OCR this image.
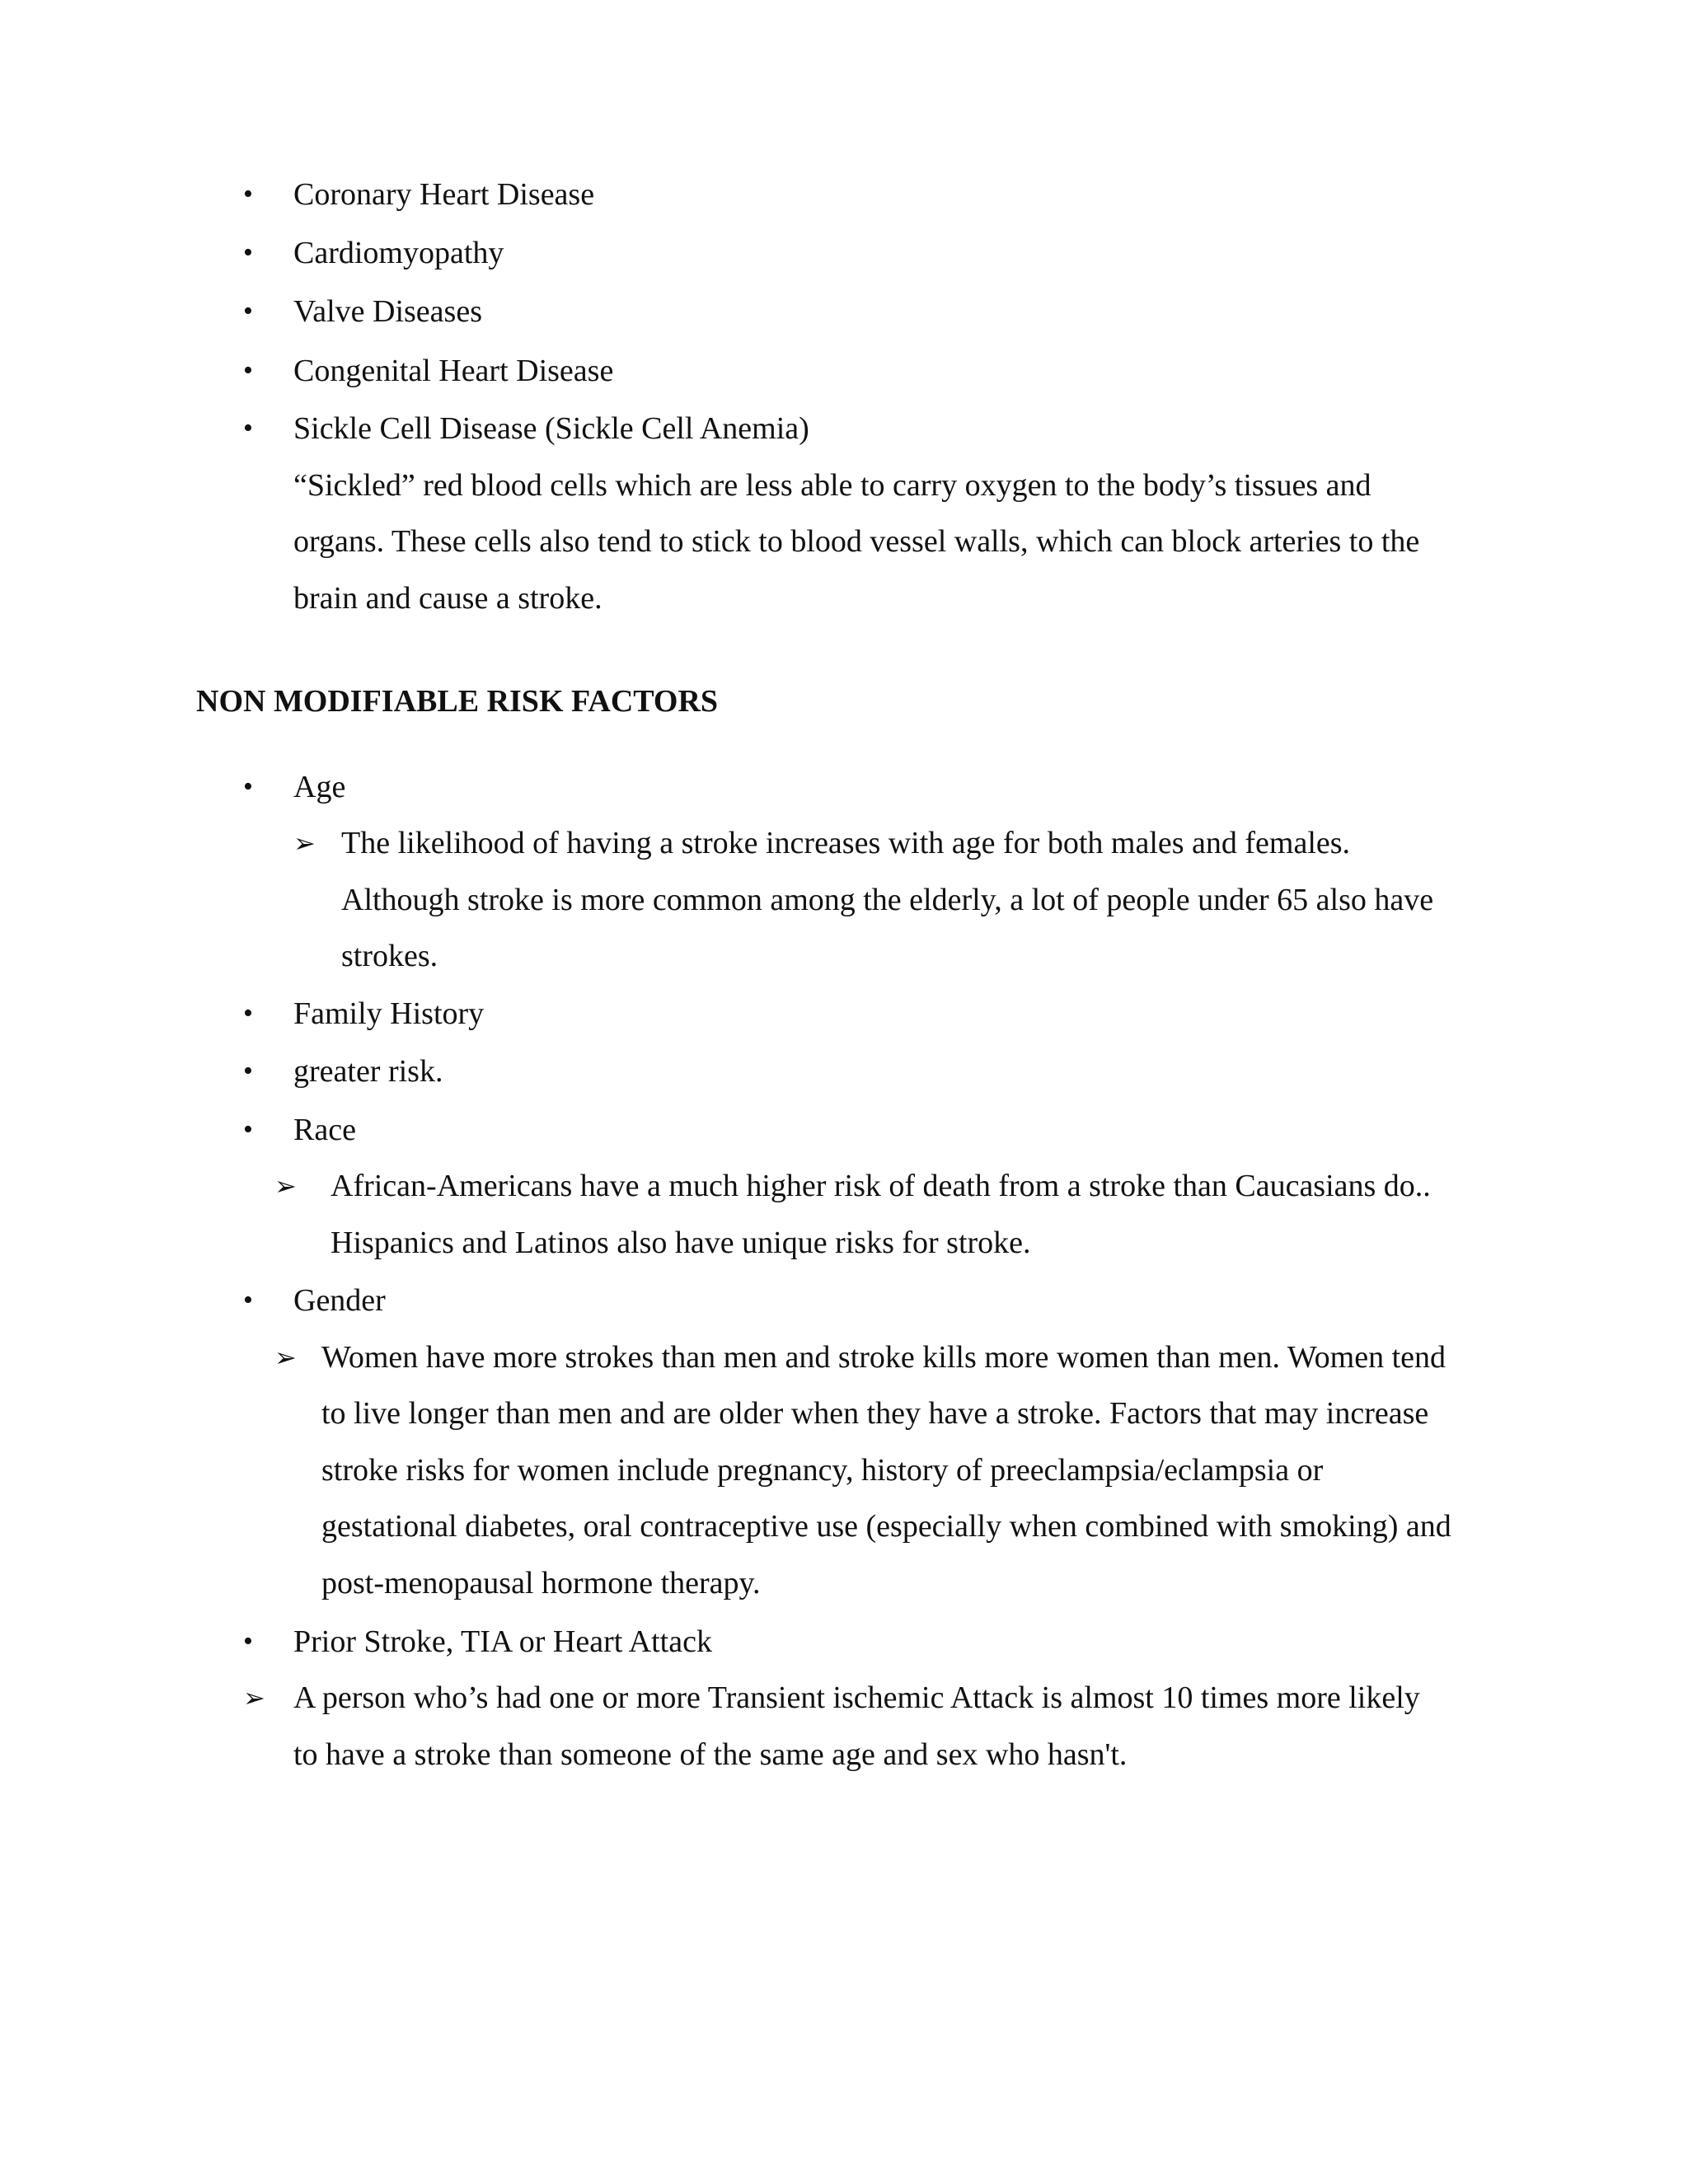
• Coronary Heart Disease
• Cardiomyopathy
• Valve Diseases
• Congenital Heart Disease
• Sickle Cell Disease (Sickle Cell Anemia)
“Sickled” red blood cells which are less able to carry oxygen to the body’s tissues and
organs. These cells also tend to stick to blood vessel walls, which can block arteries to the
brain and cause a stroke.
NON MODIFIABLE RISK FACTORS
• Age
➢ The likelihood of having a stroke increases with age for both males and females.
Although stroke is more common among the elderly, a lot of people under 65 also have
strokes.
• Family History
• greater risk.
• Race
➢ African-Americans have a much higher risk of death from a stroke than Caucasians do..
Hispanics and Latinos also have unique risks for stroke.
• Gender
➢ Women have more strokes than men and stroke kills more women than men. Women tend
to live longer than men and are older when they have a stroke. Factors that may increase
stroke risks for women include pregnancy, history of preeclampsia/eclampsia or
gestational diabetes, oral contraceptive use (especially when combined with smoking) and
post-menopausal hormone therapy.
• Prior Stroke, TIA or Heart Attack
➢ A person who’s had one or more Transient ischemic Attack is almost 10 times more likely
to have a stroke than someone of the same age and sex who hasn't.
